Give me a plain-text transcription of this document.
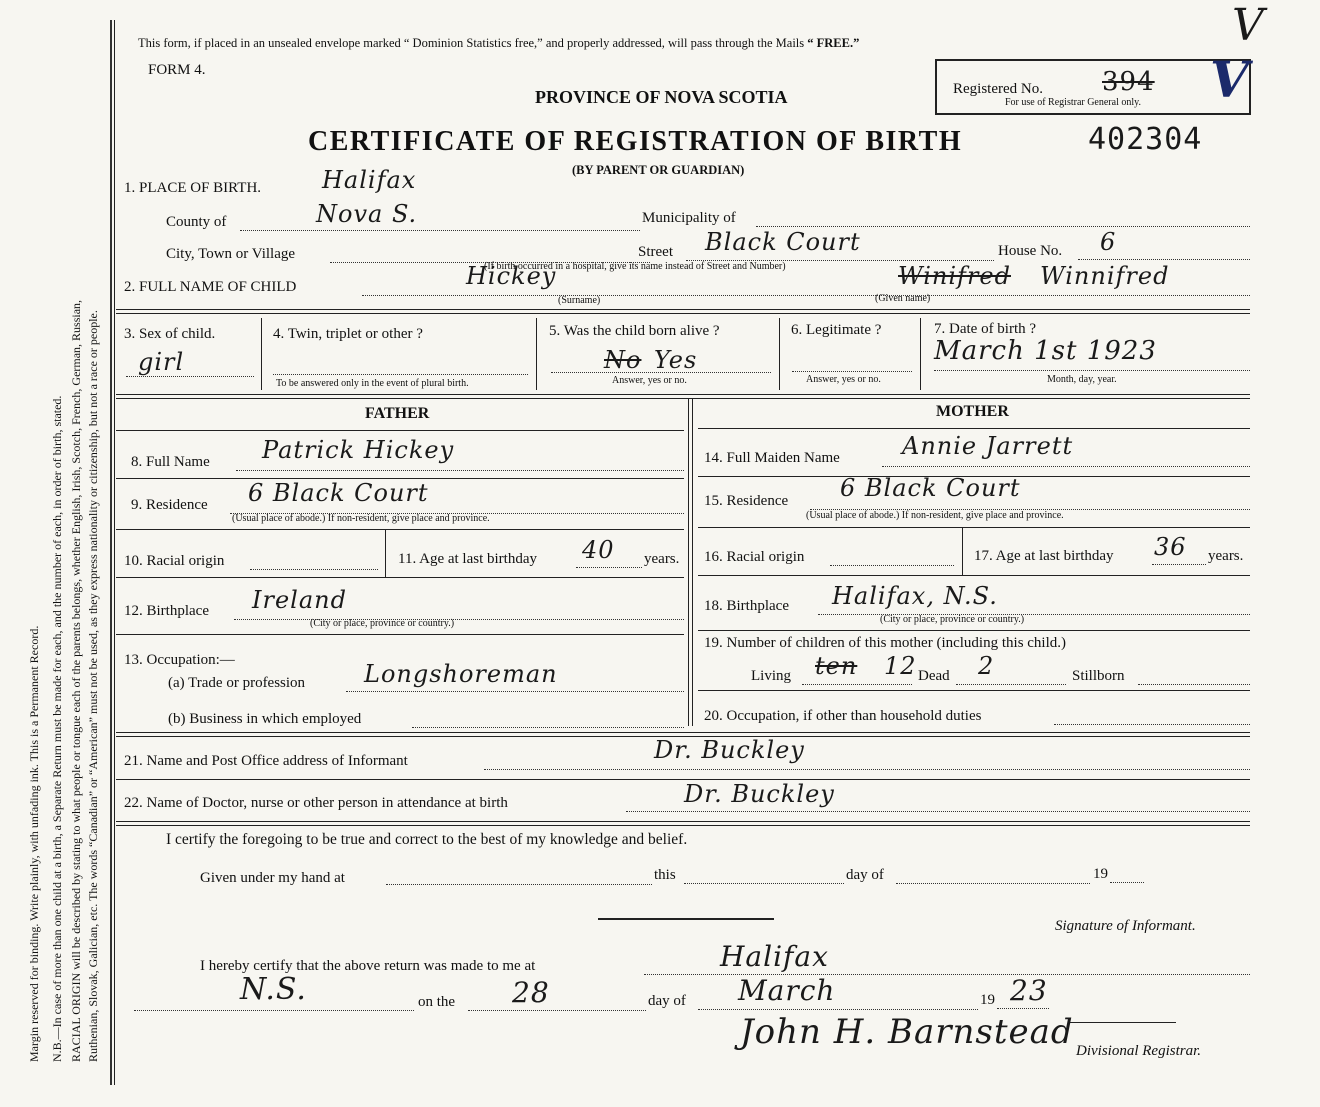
Margin reserved for binding. Write plainly, with unfading ink. This is a Permanent Record. N.B.—In case of more than one child at a birth, a Separate Return must be made for each, and the number of each, in order of birth, stated. RACIAL ORIGIN will be described by stating to what people or tongue each of the parents belongs, whether English, Irish, Scotch, French, German, Russian, Ruthenian, Slovak, Galician, etc. The words “Canadian” or “American” must not be used, as they express nationality or citizenship, but not a race or people.
This form, if placed in an unsealed envelope marked “ Dominion Statistics free,” and properly addressed, will pass through the Mails “ FREE.”
FORM 4.
PROVINCE OF NOVA SCOTIA
CERTIFICATE OF REGISTRATION OF BIRTH	402304
(BY PARENT OR GUARDIAN)
Registered No. 394
For use of Registrar General only.
V
V
1. PLACE OF BIRTH.	Halifax
County of	Nova S.	Municipality of
City, Town or Village	Street Black Court	House No. 6
(If birth occurred in a hospital, give its name instead of Street and Number)
2. FULL NAME OF CHILD	Hickey
(Surname)
Winifred Winnifred
(Given name)
3. Sex of child.
girl
4. Twin, triplet or other ?
To be answered only in the event of plural birth.
5. Was the child born alive ?
No Yes
Answer, yes or no.
6. Legitimate ?
Answer, yes or no.
7. Date of birth ?
March 1st 1923
Month, day, year.
FATHER
8. Full Name Patrick Hickey
9. Residence 6 Black Court
(Usual place of abode.) If non-resident, give place and province.
10. Racial origin	11. Age at last birthday 40 years.
12. Birthplace Ireland
(City or place, province or country.)
13. Occupation:—
(a) Trade or profession Longshoreman
(b) Business in which employed
MOTHER
14. Full Maiden Name	Annie Jarrett
15. Residence 6 Black Court
(Usual place of abode.) If non-resident, give place and province.
16. Racial origin	17. Age at last birthday 36 years.
18. Birthplace Halifax, N.S.
(City or place, province or country.)
19. Number of children of this mother (including this child.)
Living ten 12 Dead 2	Stillborn
20. Occupation, if other than household duties
21. Name and Post Office address of Informant	Dr. Buckley
22. Name of Doctor, nurse or other person in attendance at birth	Dr. Buckley
I certify the foregoing to be true and correct to the best of my knowledge and belief.
Given under my hand at	this	day of	19
Signature of Informant.
I hereby certify that the above return was made to me at	Halifax
N.S.	on the 28	day of March	19 23
John H. Barnstead Divisional Registrar.
